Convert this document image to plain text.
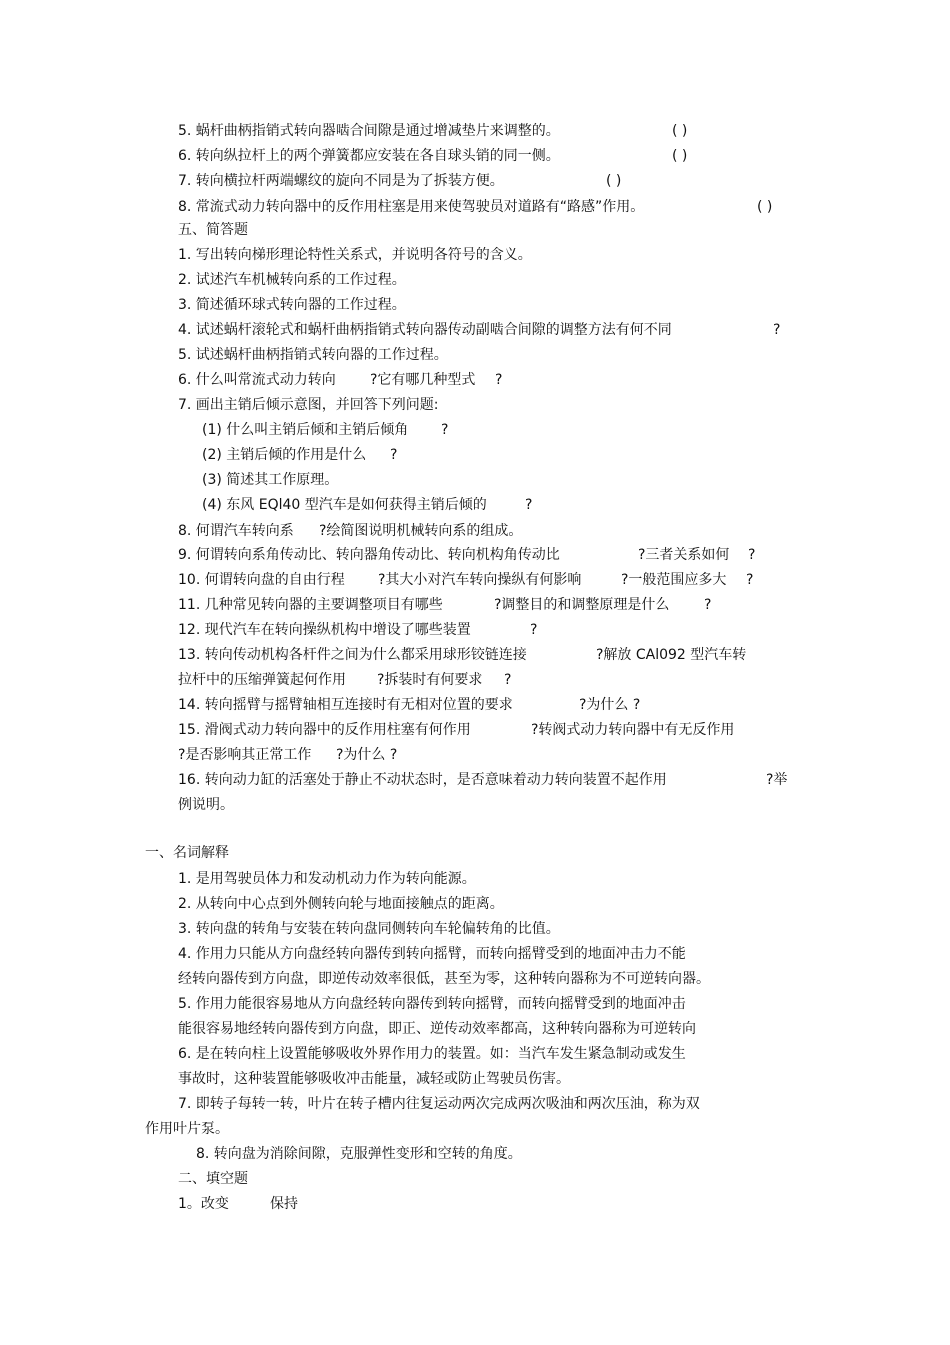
5. 蜗杆曲柄指销式转向器啮合间隙是通过增减垫片来调整的。	( )
6. 转向纵拉杆上的两个弹簧都应安装在各自球头销的同一侧。	( )
7. 转向横拉杆两端螺纹的旋向不同是为了拆装方便。	( )
8. 常流式动力转向器中的反作用柱塞是用来使驾驶员对道路有“路感”作用。	( )
五、简答题
1. 写出转向梯形理论特性关系式，并说明各符号的含义。
2. 试述汽车机械转向系的工作过程。
3. 简述循环球式转向器的工作过程。
4. 试述蜗杆滚轮式和蜗杆曲柄指销式转向器传动副啮合间隙的调整方法有何不同	?
5. 试述蜗杆曲柄指销式转向器的工作过程。
6. 什么叫常流式动力转向 ?它有哪几种型式 ?
7. 画出主销后倾示意图，并回答下列问题:
(1) 什么叫主销后倾和主销后倾角 ?
(2) 主销后倾的作用是什么 ?
(3) 简述其工作原理。
(4) 东风 EQl40 型汽车是如何获得主销后倾的	?
8. 何谓汽车转向系 ?绘简图说明机械转向系的组成。
9. 何谓转向系角传动比、转向器角传动比、转向机构角传动比	?三者关系如何 ?
10. 何谓转向盘的自由行程 ?其大小对汽车转向操纵有何影响	?一般范围应多大 ?
11. 几种常见转向器的主要调整项目有哪些	?调整目的和调整原理是什么 ?
12. 现代汽车在转向操纵机构中增设了哪些装置	?
13. 转向传动机构各杆件之间为什么都采用球形铰链连接	?解放 CAl092 型汽车转
拉杆中的压缩弹簧起何作用 ?拆装时有何要求 ?
14. 转向摇臂与摇臂轴相互连接时有无相对位置的要求	?为什么 ?
15. 滑阀式动力转向器中的反作用柱塞有何作用	?转阀式动力转向器中有无反作用
?是否影响其正常工作 ?为什么 ?
16. 转向动力缸的活塞处于静止不动状态时，是否意味着动力转向装置不起作用	?举
例说明。
一、名词解释
1. 是用驾驶员体力和发动机动力作为转向能源。
2. 从转向中心点到外侧转向轮与地面接触点的距离。
3. 转向盘的转角与安装在转向盘同侧转向车轮偏转角的比值。
4. 作用力只能从方向盘经转向器传到转向摇臂，而转向摇臂受到的地面冲击力不能
经转向器传到方向盘，即逆传动效率很低，甚至为零，这种转向器称为不可逆转向器。
5. 作用力能很容易地从方向盘经转向器传到转向摇臂，而转向摇臂受到的地面冲击
能很容易地经转向器传到方向盘，即正、逆传动效率都高，这种转向器称为可逆转向
6. 是在转向柱上设置能够吸收外界作用力的装置。如：当汽车发生紧急制动或发生
事故时，这种装置能够吸收冲击能量，减轻或防止驾驶员伤害。
7. 即转子每转一转，叶片在转子槽内往复运动两次完成两次吸油和两次压油，称为双
作用叶片泵。
8. 转向盘为消除间隙，克服弹性变形和空转的角度。
二、填空题
1。改变	保持
